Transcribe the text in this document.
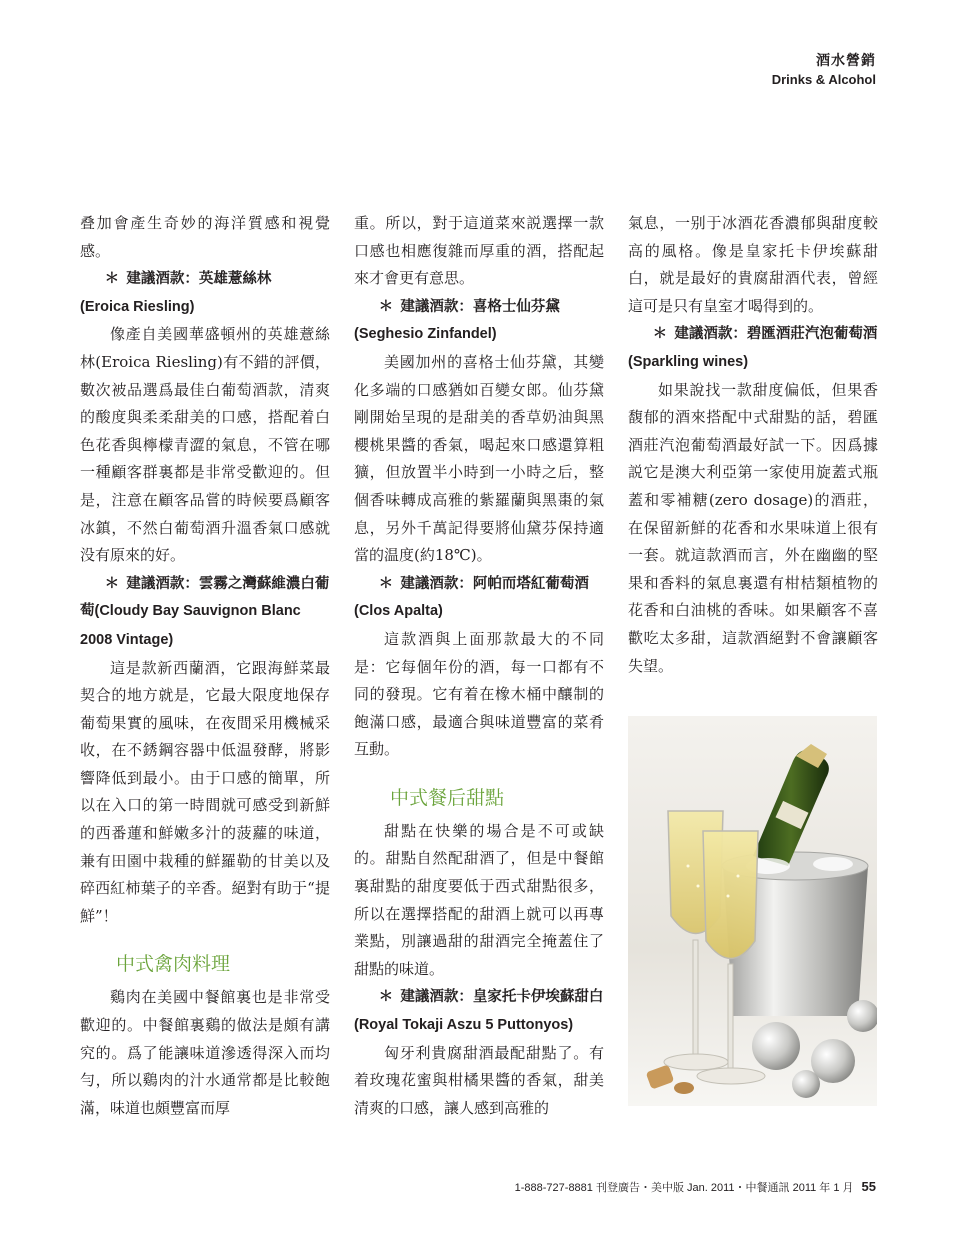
酒水營銷
Drinks & Alcohol

叠加會產生奇妙的海洋質感和視覺感。

＊ 建議酒款：英雄薏絲林
(Eroica Riesling)

像產自美國華盛頓州的英雄薏絲林(Eroica Riesling)有不錯的評價，數次被品選爲最佳白葡萄酒款，清爽的酸度與柔柔甜美的口感，搭配着白色花香與檸檬青澀的氣息，不管在哪一種顧客群裏都是非常受歡迎的。但是，注意在顧客品嘗的時候要爲顧客冰鎮，不然白葡萄酒升溫香氣口感就没有原來的好。

＊ 建議酒款：雲霧之灣蘇維濃白葡萄(Cloudy Bay Sauvignon Blanc 2008 Vintage)

這是款新西蘭酒，它跟海鮮菜最契合的地方就是，它最大限度地保存葡萄果實的風味，在夜間采用機械采收，在不銹鋼容器中低温發酵，將影響降低到最小。由于口感的簡單，所以在入口的第一時間就可感受到新鮮的西番蓮和鮮嫩多汁的菠蘿的味道，兼有田園中栽種的鮮羅勒的甘美以及碎西紅柿葉子的辛香。絕對有助于“提鮮”！

中式禽肉料理

鷄肉在美國中餐館裏也是非常受歡迎的。中餐館裏鷄的做法是頗有講究的。爲了能讓味道滲透得深入而均勻，所以鷄肉的汁水通常都是比較飽滿，味道也頗豐富而厚

重。所以，對于這道菜來説選擇一款口感也相應復雜而厚重的酒，搭配起來才會更有意思。

＊ 建議酒款：喜格士仙芬黛
(Seghesio Zinfandel)

美國加州的喜格士仙芬黛，其變化多端的口感猶如百變女郎。仙芬黛剛開始呈現的是甜美的香草奶油與黑櫻桃果醬的香氣，喝起來口感還算粗獷，但放置半小時到一小時之后，整個香味轉成高雅的紫羅蘭與黑棗的氣息，另外千萬記得要將仙黛芬保持適當的温度(約18℃)。

＊ 建議酒款：阿帕而塔紅葡萄酒(Clos Apalta)

這款酒與上面那款最大的不同是：它每個年份的酒，每一口都有不同的發現。它有着在橡木桶中釀制的飽滿口感，最適合與味道豐富的菜肴互動。

中式餐后甜點

甜點在快樂的場合是不可或缺的。甜點自然配甜酒了，但是中餐館裏甜點的甜度要低于西式甜點很多，所以在選擇搭配的甜酒上就可以再專業點，別讓過甜的甜酒完全掩蓋住了甜點的味道。

＊ 建議酒款：皇家托卡伊埃蘇甜白(Royal Tokaji Aszu 5 Puttonyos)

匈牙利貴腐甜酒最配甜點了。有着玫瑰花蜜與柑橘果醬的香氣，甜美清爽的口感，讓人感到高雅的

氣息，一别于冰酒花香濃郁與甜度較高的風格。像是皇家托卡伊埃蘇甜白，就是最好的貴腐甜酒代表，曾經這可是只有皇室才喝得到的。

＊ 建議酒款：碧匯酒莊汽泡葡萄酒(Sparkling wines)

如果說找一款甜度偏低，但果香馥郁的酒來搭配中式甜點的話，碧匯酒莊汽泡葡萄酒最好試一下。因爲據説它是澳大利亞第一家使用旋蓋式瓶蓋和零補糖(zero dosage)的酒莊，在保留新鮮的花香和水果味道上很有一套。就這款酒而言，外在幽幽的堅果和香料的氣息裏還有柑桔類植物的花香和白油桃的香味。如果顧客不喜歡吃太多甜，這款酒絕對不會讓顧客失望。

1-888-727-8881 刊登廣告・美中版 Jan. 2011・中餐通訊 2011 年 1 月 55
